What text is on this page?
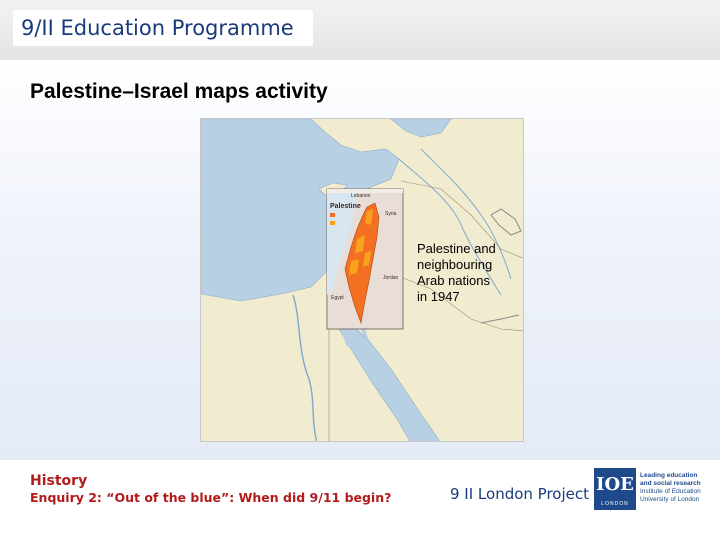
9/II Education Programme
Palestine–Israel maps activity
Palestine
Lebanon
Syria
Jordan
Egypt
Palestine and
neighbouring
Arab nations
in 1947
History
Enquiry 2: “Out of the blue”: When did 9/11 begin?	9 II London Project IOE
LONDON
Leading education
and social research
Institute of Education
University of London
